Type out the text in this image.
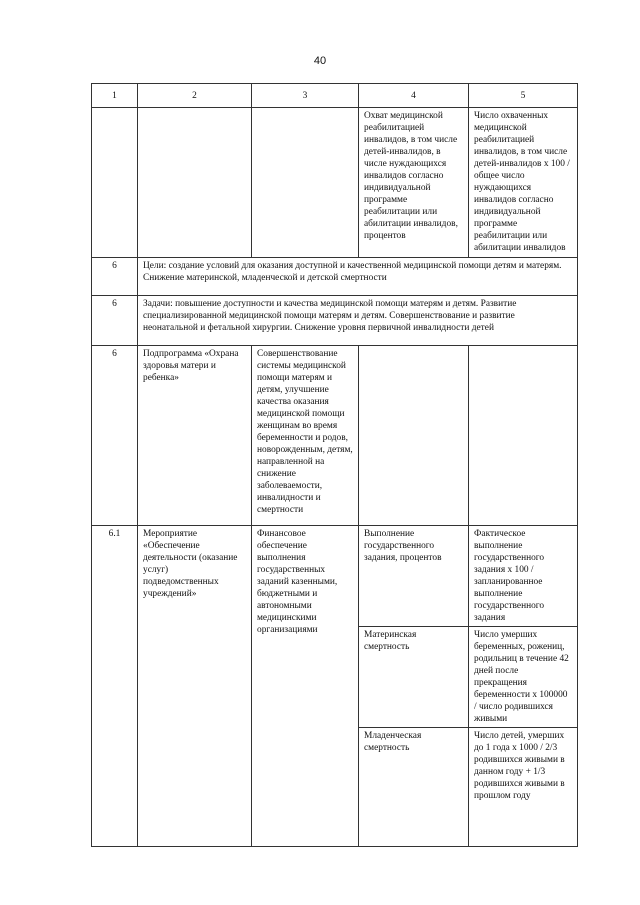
40
1	2	3	4	5
			Охват медицинской реабилитацией инвалидов, в том числе детей-инвалидов, в числе нуждающихся инвалидов согласно индивидуальной программе реабилитации или абилитации инвалидов, процентов	Число охваченных медицинской реабилитацией инвалидов, в том числе детей-инвалидов х 100 / общее число нуждающихся инвалидов согласно индивидуальной программе реабилитации или абилитации инвалидов
6	Цели: создание условий для оказания доступной и качественной медицинской помощи детям и матерям. Снижение материнской, младенческой и детской смертности			
6	Задачи: повышение доступности и качества медицинской помощи матерям и детям. Развитие специализированной медицинской помощи матерям и детям. Совершенствование и развитие неонатальной и фетальной хирургии. Снижение уровня первичной инвалидности детей			
6	Подпрограмма «Охрана здоровья матери и ребенка»	Совершенствование системы медицинской помощи матерям и детям, улучшение качества оказания медицинской помощи женщинам во время беременности и родов, новорожденным, детям, направленной на снижение заболеваемости, инвалидности и смертности		
6.1	Мероприятие «Обеспечение деятельности (оказание услуг) подведомственных учреждений»	Финансовое обеспечение выполнения государственных заданий казенными, бюджетными и автономными медицинскими организациями	Выполнение государственного задания, процентов	Фактическое выполнение государственного задания х 100 / запланированное выполнение государственного задания
			Материнская смертность	Число умерших беременных, рожениц, родильниц в течение 42 дней после прекращения беременности х 100000 / число родившихся живыми
			Младенческая смертность	Число детей, умерших до 1 года х 1000 / 2/3 родившихся живыми в данном году + 1/3 родившихся живыми в прошлом году
